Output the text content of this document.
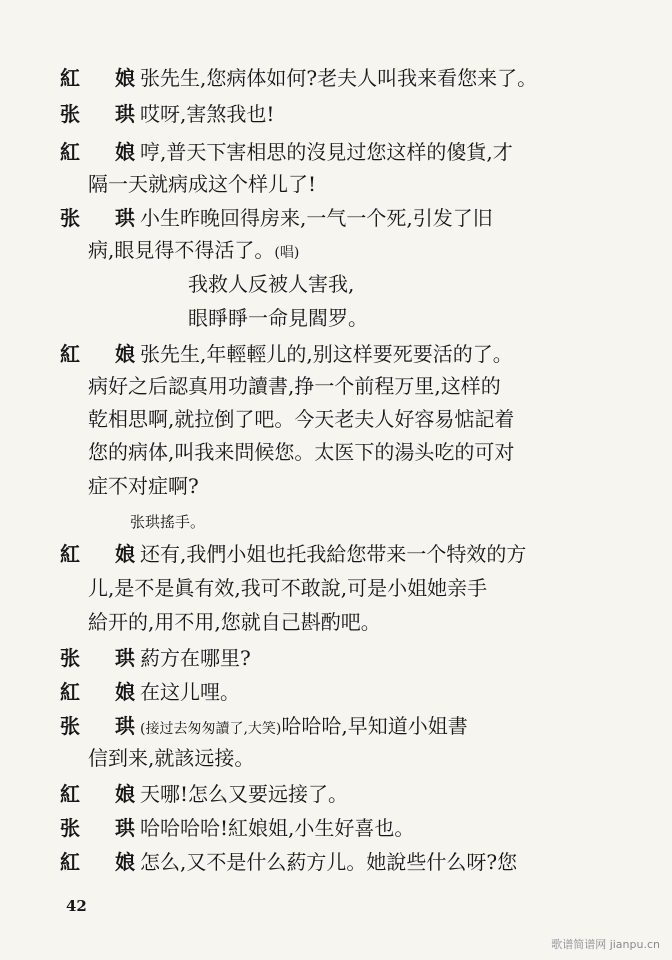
紅 娘
张先生,您病体如何?老夫人叫我来看您来了。
张 珙
哎呀,害煞我也!
紅 娘
哼,普天下害相思的沒見过您这样的傻貨,才
隔一天就病成这个样儿了!
张 珙
小生昨晚回得房来,一气一个死,引发了旧
病,眼見得不得活了。(唱)
我救人反被人害我,
眼睜睜一命見閻罗。
紅 娘
张先生,年輕輕儿的,别这样要死要活的了。
病好之后認真用功讀書,挣一个前程万里,这样的
乾相思啊,就拉倒了吧。今天老夫人好容易惦記着
您的病体,叫我来問候您。太医下的湯头吃的可对
症不对症啊?
张珙搖手。
紅 娘
还有,我們小姐也托我給您带来一个特效的方
儿,是不是眞有效,我可不敢說,可是小姐她亲手
給开的,用不用,您就自己斟酌吧。
张 珙
葯方在哪里?
紅 娘
在这儿哩。
张 珙
(接过去匆匆讀了,大笑)哈哈哈,早知道小姐書
信到来,就該远接。
紅 娘
天哪!怎么又要远接了。
张 珙
哈哈哈哈!紅娘姐,小生好喜也。
紅 娘
怎么,又不是什么葯方儿。她說些什么呀?您
42
歌谱简谱网 jianpu.cn
